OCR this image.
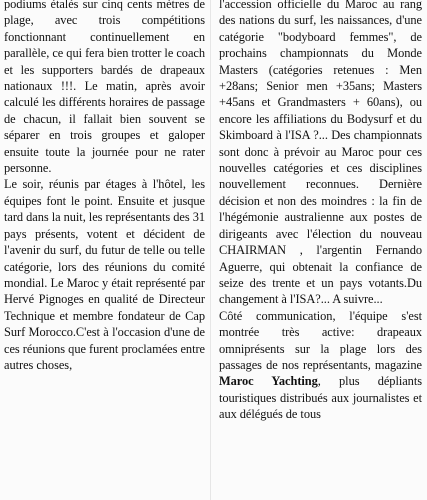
podiums étalés sur cinq cents mètres de plage, avec trois compétitions fonctionnant continuellement en parallèle, ce qui fera bien trotter le coach et les supporters bardés de drapeaux nationaux !!!. Le matin, après avoir calculé les différents horaires de passage de chacun, il fallait bien souvent se séparer en trois groupes et galoper ensuite toute la journée pour ne rater personne.

Le soir, réunis par étages à l'hôtel, les équipes font le point. Ensuite et jusque tard dans la nuit, les représentants des 31 pays présents, votent et décident de l'avenir du surf, du futur de telle ou telle catégorie, lors des réunions du comité mondial. Le Maroc y était représenté par Hervé Pignoges en qualité de Directeur Technique et membre fondateur de Cap Surf Morocco.C'est à l'occasion d'une de ces réunions que furent proclamées entre autres choses,

l'accession officielle du Maroc au rang des nations du surf, les naissances, d'une catégorie "bodyboard femmes", de prochains championnats du Monde Masters (catégories retenues : Men +28ans; Senior men +35ans; Masters +45ans et Grandmasters + 60ans), ou encore les affiliations du Bodysurf et du Skimboard à l'ISA ?... Des championnats sont donc à prévoir au Maroc pour ces nouvelles catégories et ces disciplines nouvellement reconnues. Dernière décision et non des moindres : la fin de l'hégémonie australienne aux postes de dirigeants avec l'élection du nouveau CHAIRMAN , l'argentin Fernando Aguerre, qui obtenait la confiance de seize des trente et un pays votants.Du changement à l'ISA?... A suivre...

Côté communication, l'équipe s'est montrée très active: drapeaux omniprésents sur la plage lors des passages de nos représentants, magazine Maroc Yachting, plus dépliants touristiques distribués aux journalistes et aux délégués de tous
